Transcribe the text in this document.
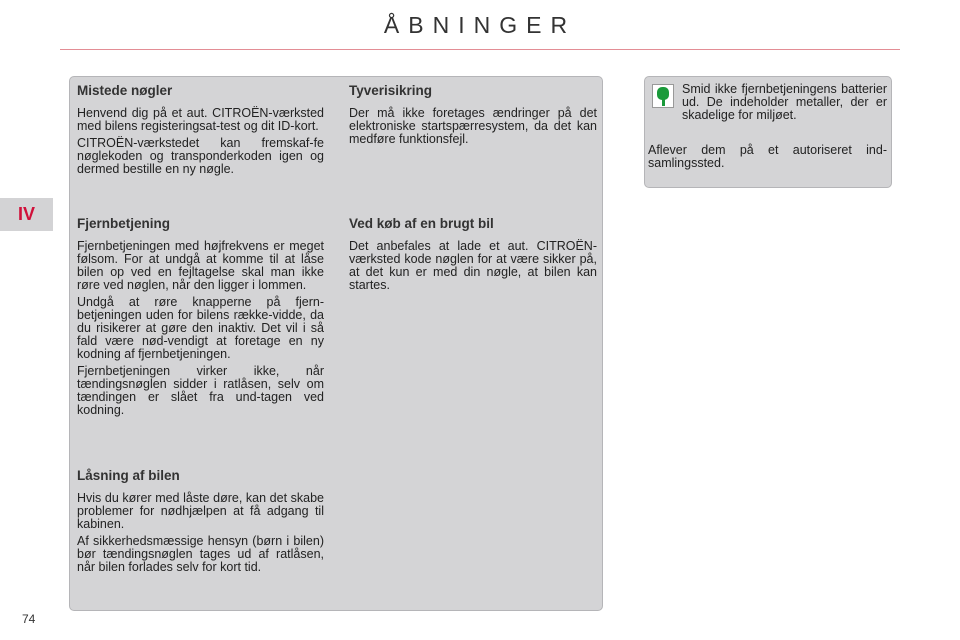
ÅBNINGER
IV
Mistede nøgler

Henvend dig på et aut. CITROËN-værksted med bilens registeringsat-test og dit ID-kort.

CITROËN-værkstedet kan fremskaf-fe nøglekoden og transponderkoden igen og dermed bestille en ny nøgle.

Tyverisikring

Der må ikke foretages ændringer på det elektroniske startspærresystem, da det kan medføre funktionsfejl.

Fjernbetjening

Fjernbetjeningen med højfrekvens er meget følsom. For at undgå at komme til at låse bilen op ved en fejltagelse skal man ikke røre ved nøglen, når den ligger i lommen.

Undgå at røre knapperne på fjern-betjeningen uden for bilens række-vidde, da du risikerer at gøre den inaktiv. Det vil i så fald være nød-vendigt at foretage en ny kodning af fjernbetjeningen.

Fjernbetjeningen virker ikke, når tændingsnøglen sidder i ratlåsen, selv om tændingen er slået fra und-tagen ved kodning.

Ved køb af en brugt bil

Det anbefales at lade et aut. CITROËN-værksted kode nøglen for at være sikker på, at det kun er med din nøgle, at bilen kan startes.

Låsning af bilen

Hvis du kører med låste døre, kan det skabe problemer for nødhjælpen at få adgang til kabinen.

Af sikkerhedsmæssige hensyn (børn i bilen) bør tændingsnøglen tages ud af ratlåsen, når bilen forlades selv for kort tid.

Smid ikke fjernbetjeningens batterier ud. De indeholder metaller, der er skadelige for miljøet.
Aflever dem på et autoriseret ind-samlingssted.
74
